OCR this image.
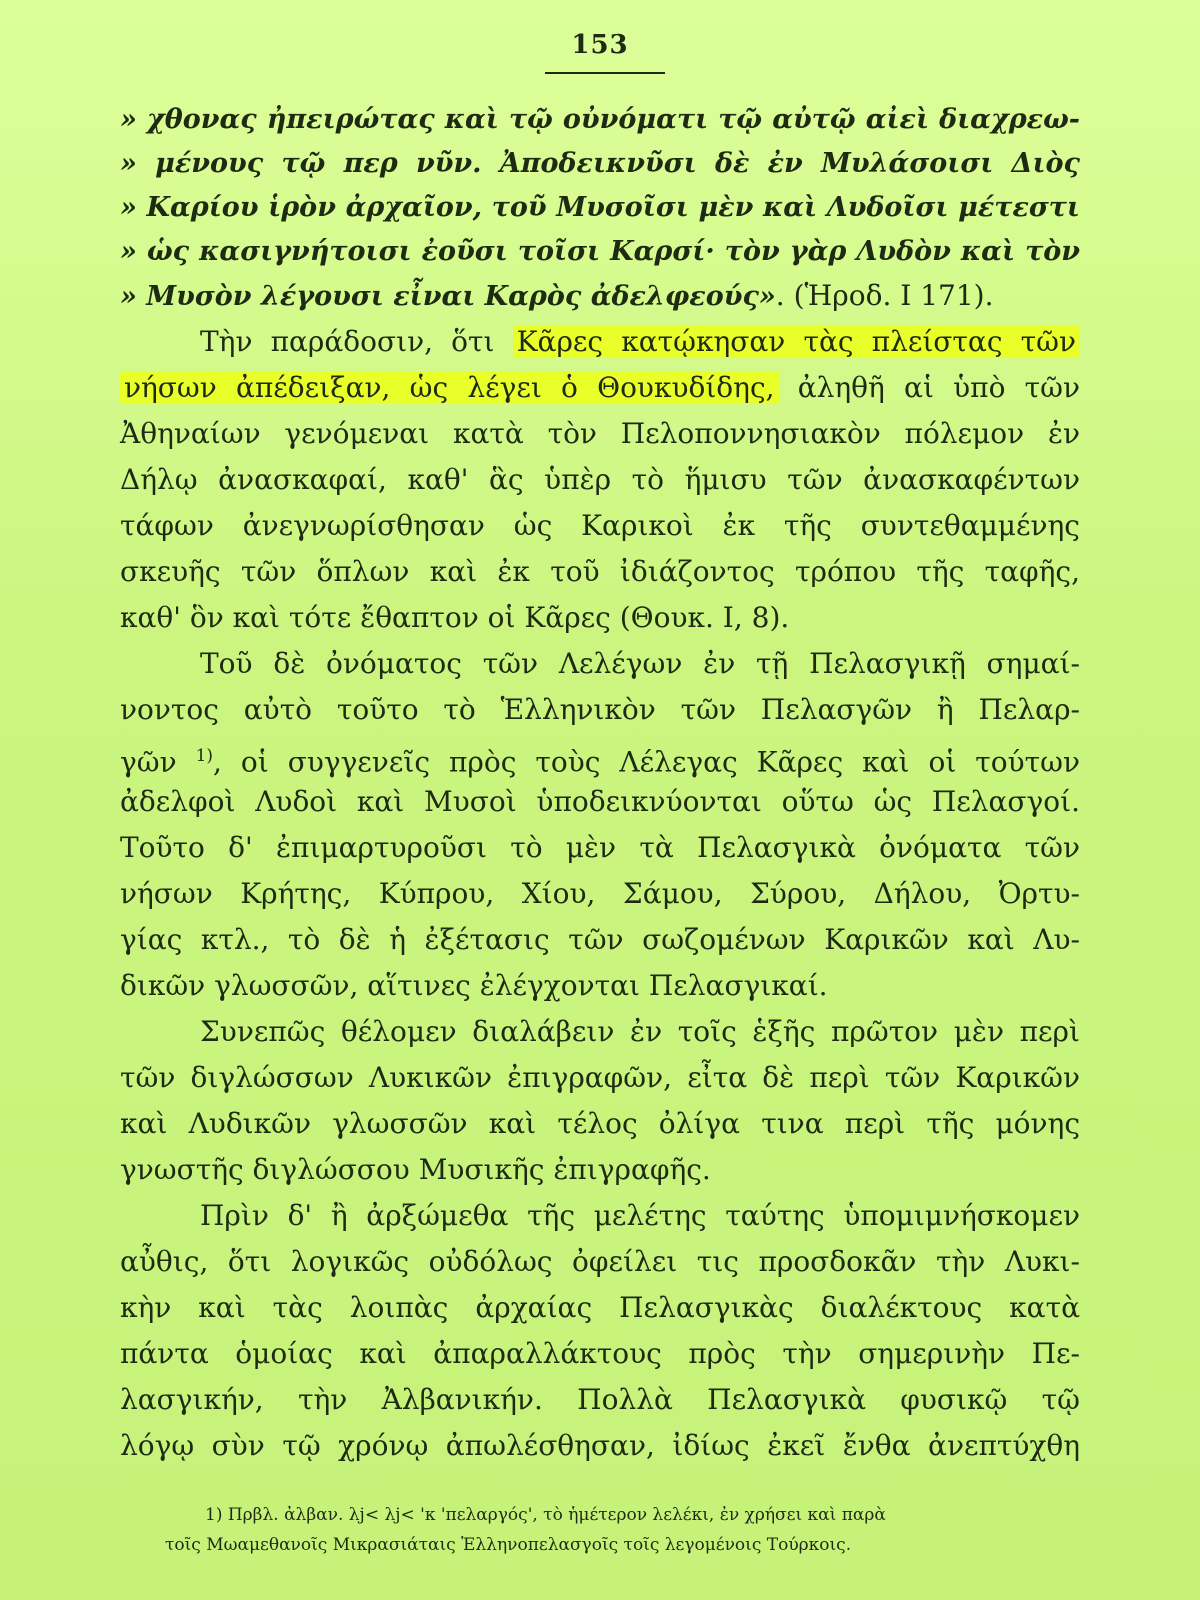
153
» χθονας ἠπειρώτας καὶ τῷ οὐνόματι τῷ αὐτῷ αἰεὶ διαχρεω-
» μένους τῷ περ νῦν. Ἀποδεικνῦσι δὲ ἐν Μυλάσοισι Διὸς
» Καρίου ἱρὸν ἀρχαῖον, τοῦ Μυσοῖσι μὲν καὶ Λυδοῖσι μέτεστι
» ὡς κασιγνήτοισι ἐοῦσι τοῖσι Καρσί· τὸν γὰρ Λυδὸν καὶ τὸν
» Μυσὸν λέγουσι εἶναι Καρὸς ἀδελφεούς». (Ἡροδ. I 171).
Τὴν παράδοσιν, ὅτι Κᾶρες κατῴκησαν τὰς πλείστας τῶν
νήσων ἀπέδειξαν, ὡς λέγει ὁ Θουκυδίδης, ἀληθῆ αἱ ὑπὸ τῶν
Ἀθηναίων γενόμεναι κατὰ τὸν Πελοποννησιακὸν πόλεμον ἐν
Δήλῳ ἀνασκαφαί, καθ' ἃς ὑπὲρ τὸ ἥμισυ τῶν ἀνασκαφέντων
τάφων ἀνεγνωρίσθησαν ὡς Καρικοὶ ἐκ τῆς συντεθαμμένης
σκευῆς τῶν ὅπλων καὶ ἐκ τοῦ ἰδιάζοντος τρόπου τῆς ταφῆς,
καθ' ὃν καὶ τότε ἔθαπτον οἱ Κᾶρες (Θουκ. I, 8).
Τοῦ δὲ ὀνόματος τῶν Λελέγων ἐν τῇ Πελασγικῇ σημαί-
νοντος αὐτὸ τοῦτο τὸ Ἑλληνικὸν τῶν Πελασγῶν ἢ Πελαρ-
γῶν $^{1)}$, οἱ συγγενεῖς πρὸς τοὺς Λέλεγας Κᾶρες καὶ οἱ τούτων
ἀδελφοὶ Λυδοὶ καὶ Μυσοὶ ὑποδεικνύονται οὕτω ὡς Πελασγοί.
Τοῦτο δ' ἐπιμαρτυροῦσι τὸ μὲν τὰ Πελασγικὰ ὀνόματα τῶν
νήσων Κρήτης, Κύπρου, Χίου, Σάμου, Σύρου, Δήλου, Ὀρτυ-
γίας κτλ., τὸ δὲ ἡ ἐξέτασις τῶν σωζομένων Καρικῶν καὶ Λυ-
δικῶν γλωσσῶν, αἵτινες ἐλέγχονται Πελασγικαί.
Συνεπῶς θέλομεν διαλάβειν ἐν τοῖς ἑξῆς πρῶτον μὲν περὶ
τῶν διγλώσσων Λυκικῶν ἐπιγραφῶν, εἶτα δὲ περὶ τῶν Καρικῶν
καὶ Λυδικῶν γλωσσῶν καὶ τέλος ὀλίγα τινα περὶ τῆς μόνης
γνωστῆς διγλώσσου Μυσικῆς ἐπιγραφῆς.
Πρὶν δ' ἢ ἀρξώμεθα τῆς μελέτης ταύτης ὑπομιμνήσκομεν
αὖθις, ὅτι λογικῶς οὐδόλως ὀφείλει τις προσδοκᾶν τὴν Λυκι-
κὴν καὶ τὰς λοιπὰς ἀρχαίας Πελασγικὰς διαλέκτους κατὰ
πάντα ὁμοίας καὶ ἀπαραλλάκτους πρὸς τὴν σημερινὴν Πε-
λασγικήν, τὴν Ἀλβανικήν. Πολλὰ Πελασγικὰ φυσικῷ τῷ
λόγῳ σὺν τῷ χρόνῳ ἀπωλέσθησαν, ἰδίως ἐκεῖ ἔνθα ἀνεπτύχθη
1) Πρβλ. ἀλβαν. λj< λj< 'κ 'πελαργός', τὸ ἡμέτερον λελέκι, ἐν χρήσει καὶ παρὰ
τοῖς Μωαμεθανοῖς Μικρασιάταις Ἑλληνοπελασγοῖς τοῖς λεγομένοις Τούρκοις.
